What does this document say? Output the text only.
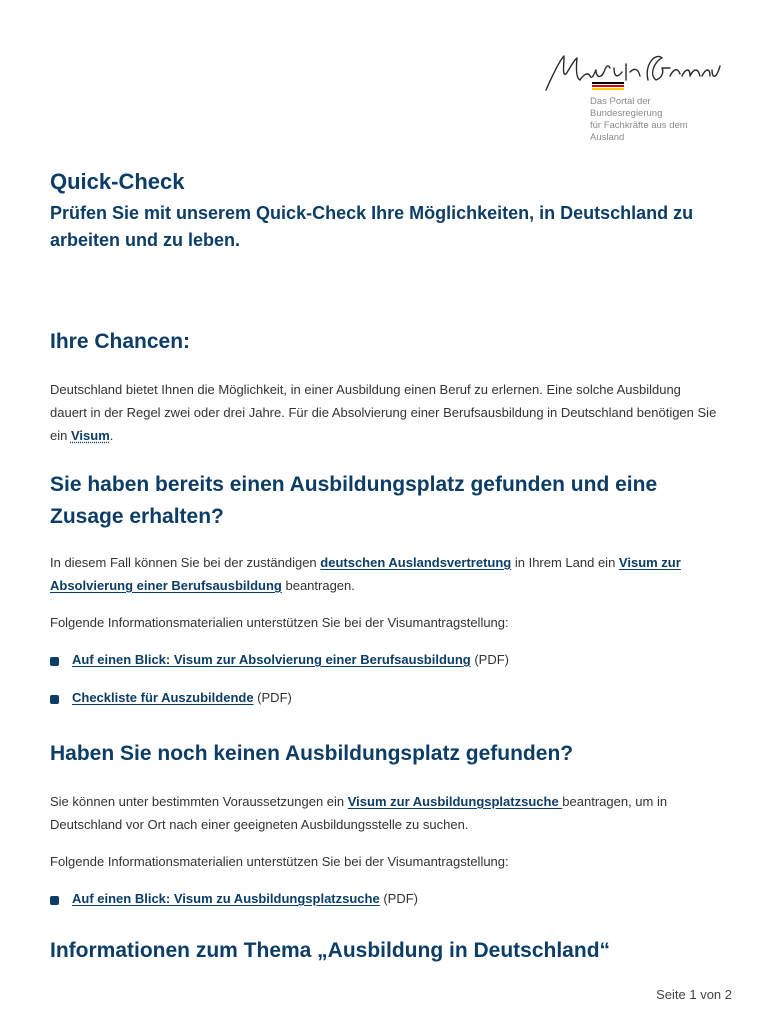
Das Portal der Bundesregierung
für Fachkräfte aus dem Ausland
Quick-Check
Prüfen Sie mit unserem Quick-Check Ihre Möglichkeiten, in Deutschland zu arbeiten und zu leben.
Ihre Chancen:

Deutschland bietet Ihnen die Möglichkeit, in einer Ausbildung einen Beruf zu erlernen. Eine solche Ausbildung dauert in der Regel zwei oder drei Jahre. Für die Absolvierung einer Berufsausbildung in Deutschland benötigen Sie ein Visum.

Sie haben bereits einen Ausbildungsplatz gefunden und eine Zusage erhalten?

In diesem Fall können Sie bei der zuständigen deutschen Auslandsvertretung in Ihrem Land ein Visum zur Absolvierung einer Berufsausbildung beantragen.

Folgende Informationsmaterialien unterstützen Sie bei der Visumantragstellung:

Auf einen Blick: Visum zur Absolvierung einer Berufsausbildung (PDF)
Checkliste für Auszubildende (PDF)
Haben Sie noch keinen Ausbildungsplatz gefunden?

Sie können unter bestimmten Voraussetzungen ein Visum zur Ausbildungsplatzsuche beantragen, um in Deutschland vor Ort nach einer geeigneten Ausbildungsstelle zu suchen.

Folgende Informationsmaterialien unterstützen Sie bei der Visumantragstellung:

Auf einen Blick: Visum zu Ausbildungsplatzsuche (PDF)
Informationen zum Thema „Ausbildung in Deutschland“
Seite 1 von 2
